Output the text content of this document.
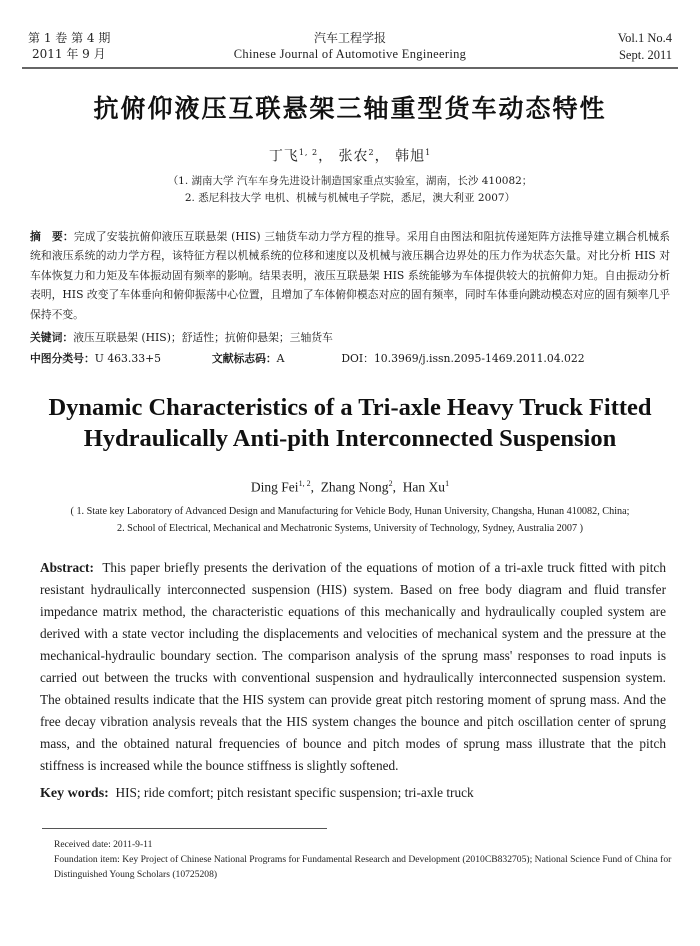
第 1 卷 第 4 期
2011 年 9 月
汽车工程学报
Chinese Journal of Automotive Engineering
Vol.1 No.4
Sept. 2011
抗俯仰液压互联悬架三轴重型货车动态特性
丁飞$^{1, 2}$， 张农$^2$， 韩旭$^1$
（1. 湖南大学 汽车车身先进设计制造国家重点实验室，湖南，长沙 410082；
2. 悉尼科技大学 电机、机械与机械电子学院，悉尼，澳大利亚 2007）
摘　要：完成了安装抗俯仰液压互联悬架 (HIS) 三轴货车动力学方程的推导。采用自由图法和阻抗传递矩阵方法推导建立耦合机械系统和液压系统的动力学方程，该特征方程以机械系统的位移和速度以及机械与液压耦合边界处的压力作为状态矢量。对比分析 HIS 对车体恢复力和力矩及车体振动固有频率的影响。结果表明，液压互联悬架 HIS 系统能够为车体提供较大的抗俯仰力矩。自由振动分析表明，HIS 改变了车体垂向和俯仰振荡中心位置，且增加了车体俯仰模态对应的固有频率，同时车体垂向跳动模态对应的固有频率几乎保持不变。
关键词：液压互联悬架 (HIS)；舒适性；抗俯仰悬架；三轴货车
中图分类号：U 463.33+5	文献标志码：A	DOI：10.3969/j.issn.2095-1469.2011.04.022
Dynamic Characteristics of a Tri-axle Heavy Truck Fitted
Hydraulically Anti-pith Interconnected Suspension
Ding Fei$^{1, 2}$,  Zhang Nong$^2$,  Han Xu$^1$
( 1. State key Laboratory of Advanced Design and Manufacturing for Vehicle Body, Hunan University, Changsha, Hunan 410082, China;
2. School of Electrical, Mechanical and Mechatronic Systems, University of Technology, Sydney, Australia 2007 )
Abstract: This paper briefly presents the derivation of the equations of motion of a tri-axle truck fitted with pitch resistant hydraulically interconnected suspension (HIS) system. Based on free body diagram and fluid transfer impedance matrix method, the characteristic equations of this mechanically and hydraulically coupled system are derived with a state vector including the displacements and velocities of mechanical system and the pressure at the mechanical-hydraulic boundary section. The comparison analysis of the sprung mass' responses to road inputs is carried out between the trucks with conventional suspension and hydraulically interconnected suspension system. The obtained results indicate that the HIS system can provide great pitch restoring moment of sprung mass. And the free decay vibration analysis reveals that the HIS system changes the bounce and pitch oscillation center of sprung mass, and the obtained natural frequencies of bounce and pitch modes of sprung mass illustrate that the pitch stiffness is increased while the bounce stiffness is slightly softened.
Key words: HIS; ride comfort; pitch resistant specific suspension; tri-axle truck
Received date: 2011-9-11
Foundation item: Key Project of Chinese National Programs for Fundamental Research and Development (2010CB832705); National Science Fund of China for Distinguished Young Scholars (10725208)
